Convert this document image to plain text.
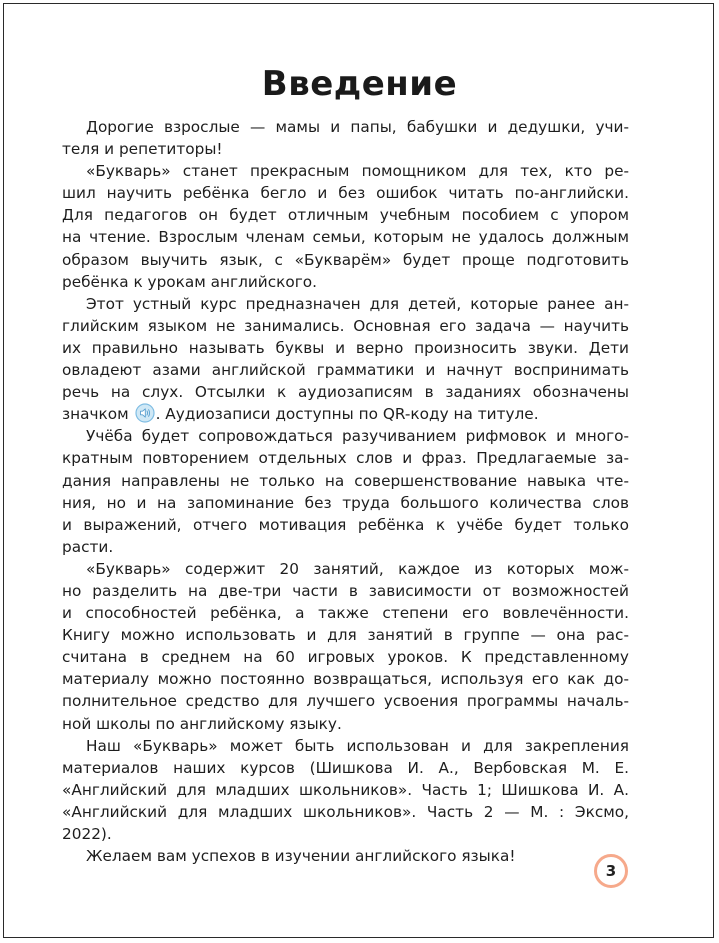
Введение
Дорогие взрослые — мамы и папы, бабушки и дедушки, учи-
теля и репетиторы!
«Букварь» станет прекрасным помощником для тех, кто ре-
шил научить ребёнка бегло и без ошибок читать по-английски.
Для педагогов он будет отличным учебным пособием с упором
на чтение. Взрослым членам семьи, которым не удалось должным
образом выучить язык, с «Букварём» будет проще подготовить
ребёнка к урокам английского.
Этот устный курс предназначен для детей, которые ранее ан-
глийским языком не занимались. Основная его задача — научить
их правильно называть буквы и верно произносить звуки. Дети
овладеют азами английской грамматики и начнут воспринимать
речь на слух. Отсылки к аудиозаписям в заданиях обозначены
значком . Аудиозаписи доступны по QR-коду на титуле.
Учёба будет сопровождаться разучиванием рифмовок и много-
кратным повторением отдельных слов и фраз. Предлагаемые за-
дания направлены не только на совершенствование навыка чте-
ния, но и на запоминание без труда большого количества слов
и выражений, отчего мотивация ребёнка к учёбе будет только
расти.
«Букварь» содержит 20 занятий, каждое из которых мож-
но разделить на две-три части в зависимости от возможностей
и способностей ребёнка, а также степени его вовлечённости.
Книгу можно использовать и для занятий в группе — она рас-
считана в среднем на 60 игровых уроков. К представленному
материалу можно постоянно возвращаться, используя его как до-
полнительное средство для лучшего усвоения программы началь-
ной школы по английскому языку.
Наш «Букварь» может быть использован и для закрепления
материалов наших курсов (Шишкова И. А., Вербовская М. Е.
«Английский для младших школьников». Часть 1; Шишкова И. А.
«Английский для младших школьников». Часть 2 — М. : Эксмо,
2022).
Желаем вам успехов в изучении английского языка!
3
